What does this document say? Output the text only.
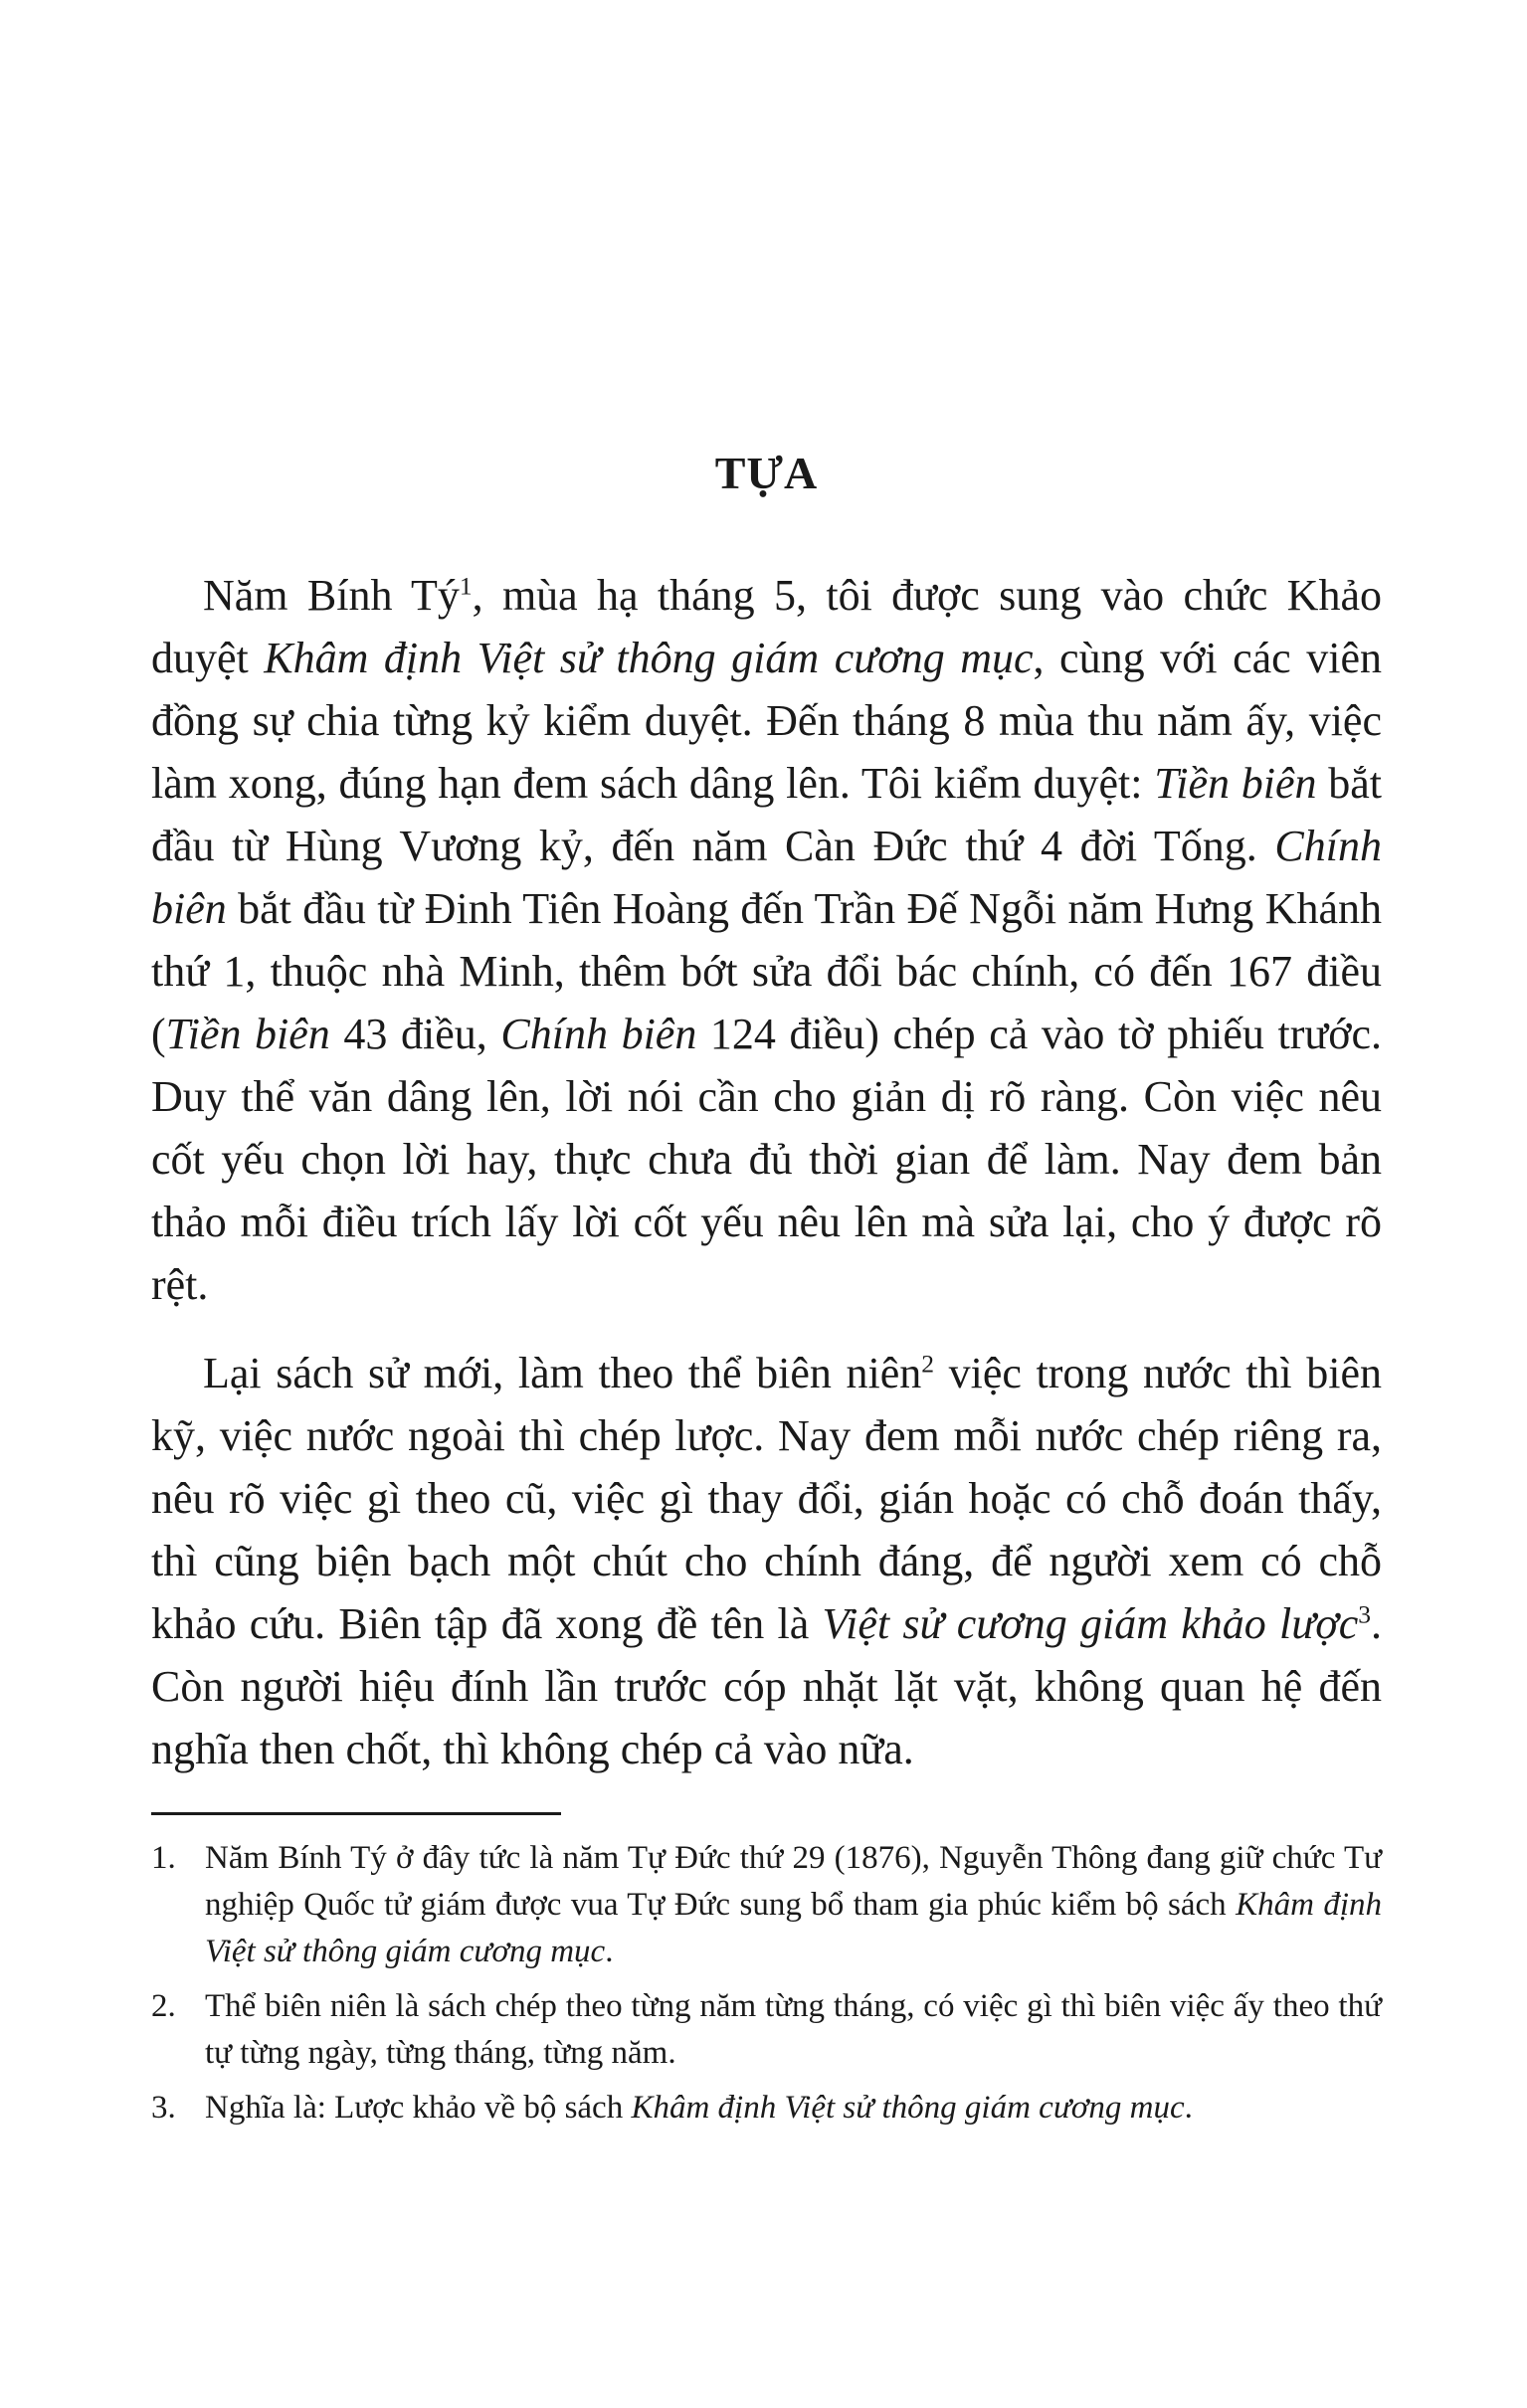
TỰA

Năm Bính $Tý^1$, mùa hạ tháng 5, tôi được sung vào chức Khảo duyệt Khâm định Việt sử thông giám cương mục, cùng với các viên đồng sự chia từng kỷ kiểm duyệt. Đến tháng 8 mùa thu năm ấy, việc làm xong, đúng hạn đem sách dâng lên. Tôi kiểm duyệt: Tiền biên bắt đầu từ Hùng Vương kỷ, đến năm Càn Đức thứ 4 đời Tống. Chính biên bắt đầu từ Đinh Tiên Hoàng đến Trần Đế Ngỗi năm Hưng Khánh thứ 1, thuộc nhà Minh, thêm bớt sửa đổi bác chính, có đến 167 điều (Tiền biên 43 điều, Chính biên 124 điều) chép cả vào tờ phiếu trước. Duy thể văn dâng lên, lời nói cần cho giản dị rõ ràng. Còn việc nêu cốt yếu chọn lời hay, thực chưa đủ thời gian để làm. Nay đem bản thảo mỗi điều trích lấy lời cốt yếu nêu lên mà sửa lại, cho ý được rõ rệt.

Lại sách sử mới, làm theo thể biên niên$^2$ việc trong nước thì biên kỹ, việc nước ngoài thì chép lược. Nay đem mỗi nước chép riêng ra, nêu rõ việc gì theo cũ, việc gì thay đổi, gián hoặc có chỗ đoán thấy, thì cũng biện bạch một chút cho chính đáng, để người xem có chỗ khảo cứu. Biên tập đã xong đề tên là Việt sử cương giám khảo lược$^3$. Còn người hiệu đính lần trước cóp nhặt lặt vặt, không quan hệ đến nghĩa then chốt, thì không chép cả vào nữa.

1. Năm Bính Tý ở đây tức là năm Tự Đức thứ 29 (1876), Nguyễn Thông đang giữ chức Tư nghiệp Quốc tử giám được vua Tự Đức sung bổ tham gia phúc kiểm bộ sách Khâm định Việt sử thông giám cương mục.
2. Thể biên niên là sách chép theo từng năm từng tháng, có việc gì thì biên việc ấy theo thứ tự từng ngày, từng tháng, từng năm.
3. Nghĩa là: Lược khảo về bộ sách Khâm định Việt sử thông giám cương mục.
